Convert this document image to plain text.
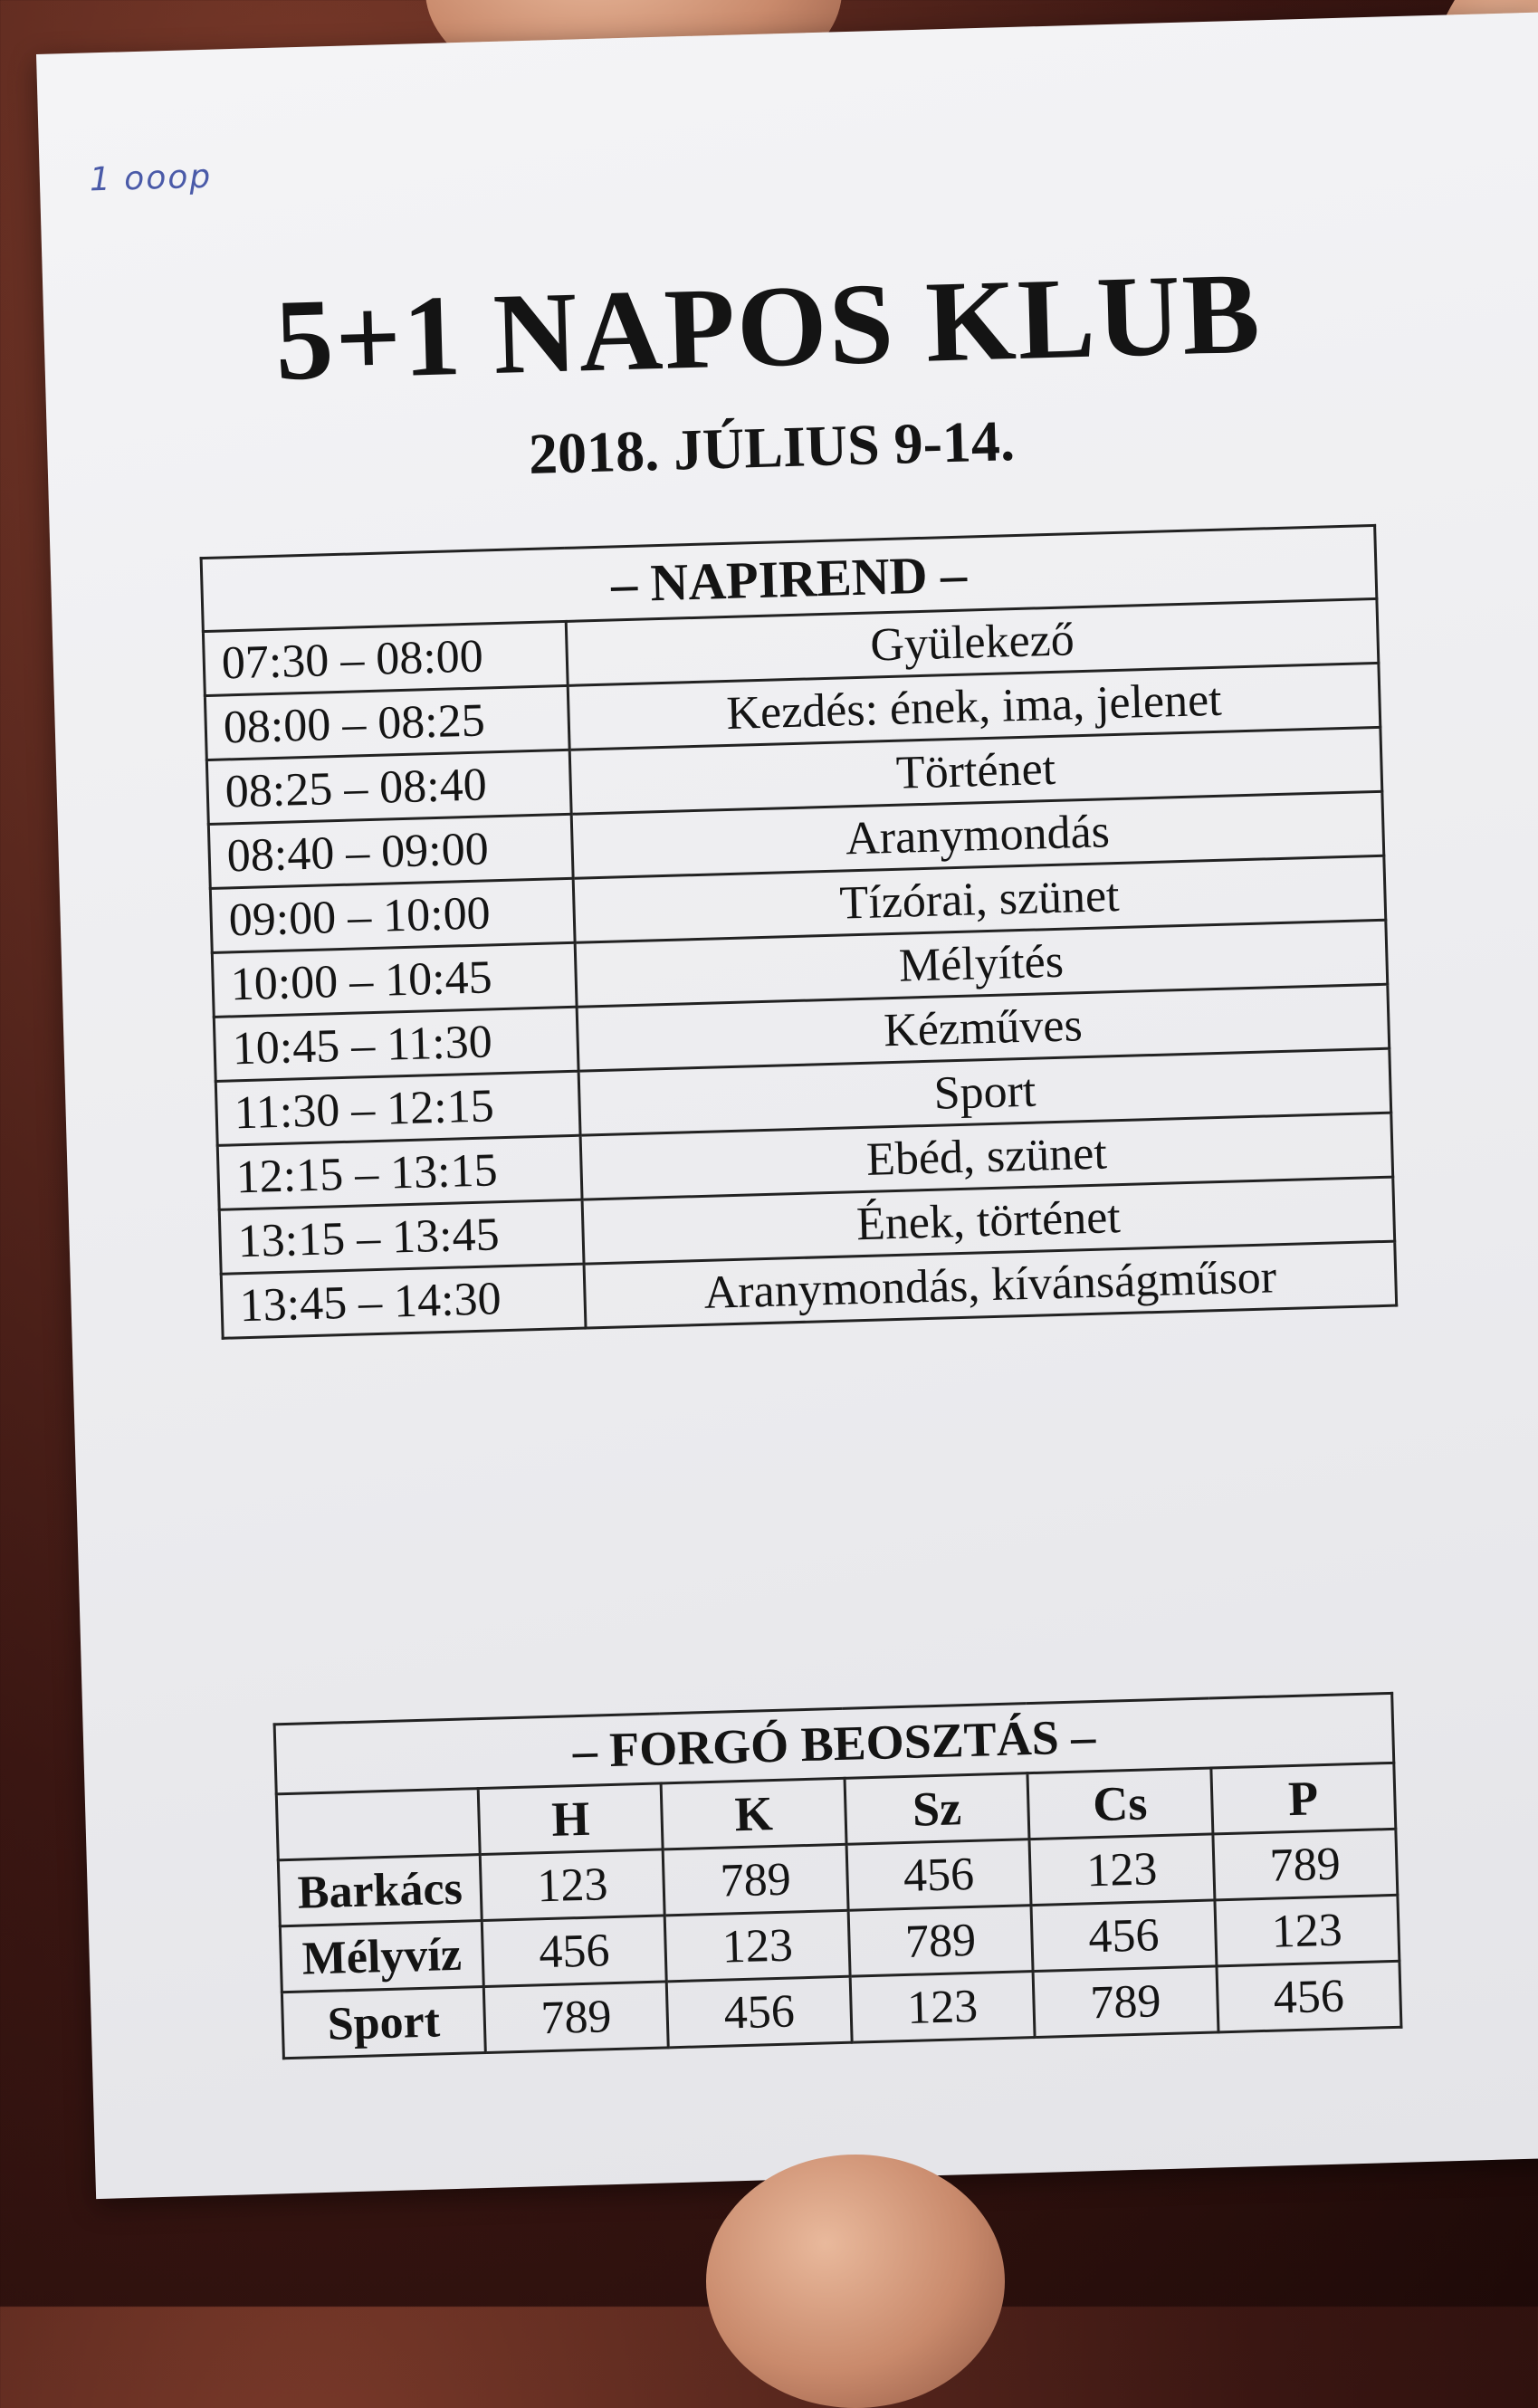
1 ooop
5+1 NAPOS KLUB
2018. JÚLIUS 9-14.
– NAPIREND –	
07:30 – 08:00	Gyülekező
08:00 – 08:25	Kezdés: ének, ima, jelenet
08:25 – 08:40	Történet
08:40 – 09:00	Aranymondás
09:00 – 10:00	Tízórai, szünet
10:00 – 10:45	Mélyítés
10:45 – 11:30	Kézműves
11:30 – 12:15	Sport
12:15 – 13:15	Ebéd, szünet
13:15 – 13:45	Ének, történet
13:45 – 14:30	Aranymondás, kívánságműsor
– FORGÓ BEOSZTÁS –					
	H	K	Sz	Cs	P
Barkács	123	789	456	123	789
Mélyvíz	456	123	789	456	123
Sport	789	456	123	789	456
